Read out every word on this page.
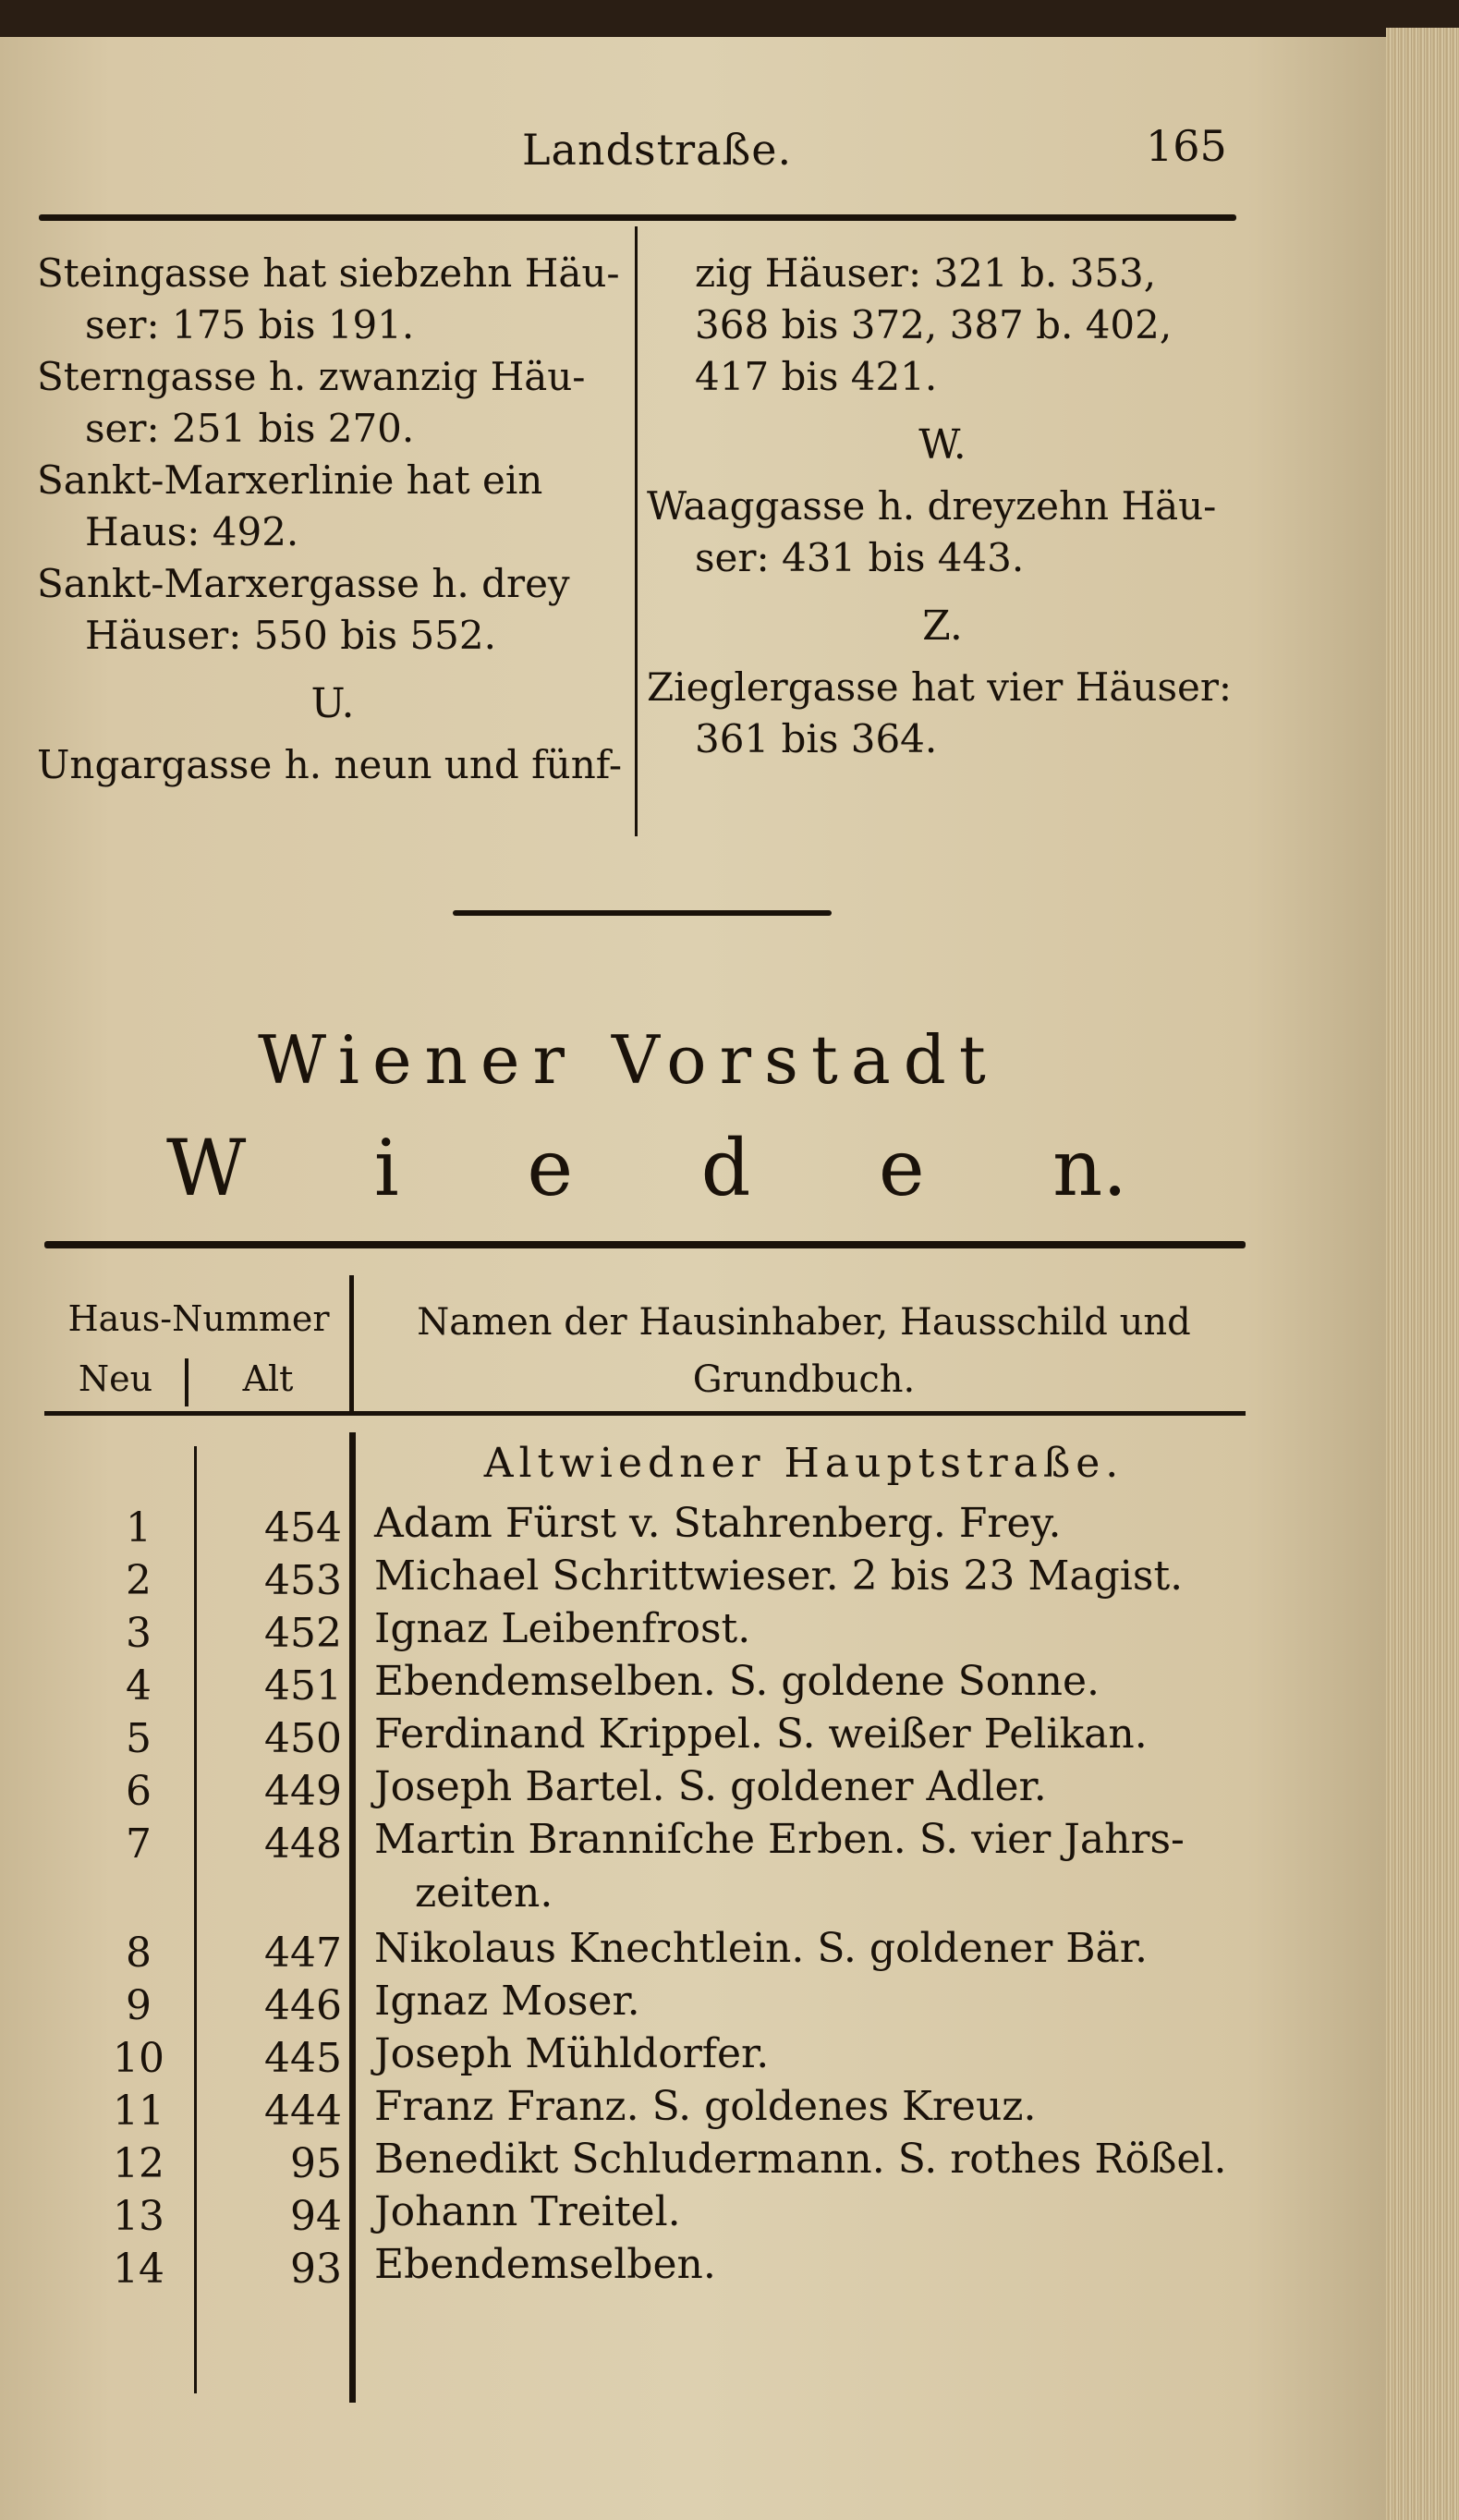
Landstraße.	165

Steingasse hat siebzehn Häu-
ser: 175 bis 191.

Sterngasse h. zwanzig Häu-
ser: 251 bis 270.

Sankt-Marxerlinie hat ein
Haus: 492.

Sankt-Marxergasse h. drey
Häuser: 550 bis 552.

U.

Ungargasse h. neun und fünf-

zig Häuser: 321 b. 353,

368 bis 372, 387 b. 402,

417 bis 421.

W.

Waaggasse h. dreyzehn Häu-
ser: 431 bis 443.

Z.

Zieglergasse hat vier Häuser:
361 bis 364.

Wiener Vorstadt
W i e d e n.
Haus-Nummer
Neu	Alt
Namen der Hausinhaber, Hausschild und
Grundbuch.
Altwiedner Hauptstraße.
1	454 Adam Fürst v. Stahrenberg. Frey.
2	453 Michael Schrittwieser. 2 bis 23 Magist.
3	452 Ignaz Leibenfrost.
4	451 Ebendemselben. S. goldene Sonne.
5	450 Ferdinand Krippel. S. weißer Pelikan.
6	449 Joseph Bartel. S. goldener Adler.
7	448 Martin Branniſche Erben. S. vier Jahrs-
zeiten.
8	447 Nikolaus Knechtlein. S. goldener Bär.
9	446 Ignaz Moser.
10	445 Joseph Mühldorfer.
11	444 Franz Franz. S. goldenes Kreuz.
12	95 Benedikt Schludermann. S. rothes Rößel.
13	94 Johann Treitel.
14	93 Ebendemselben.
